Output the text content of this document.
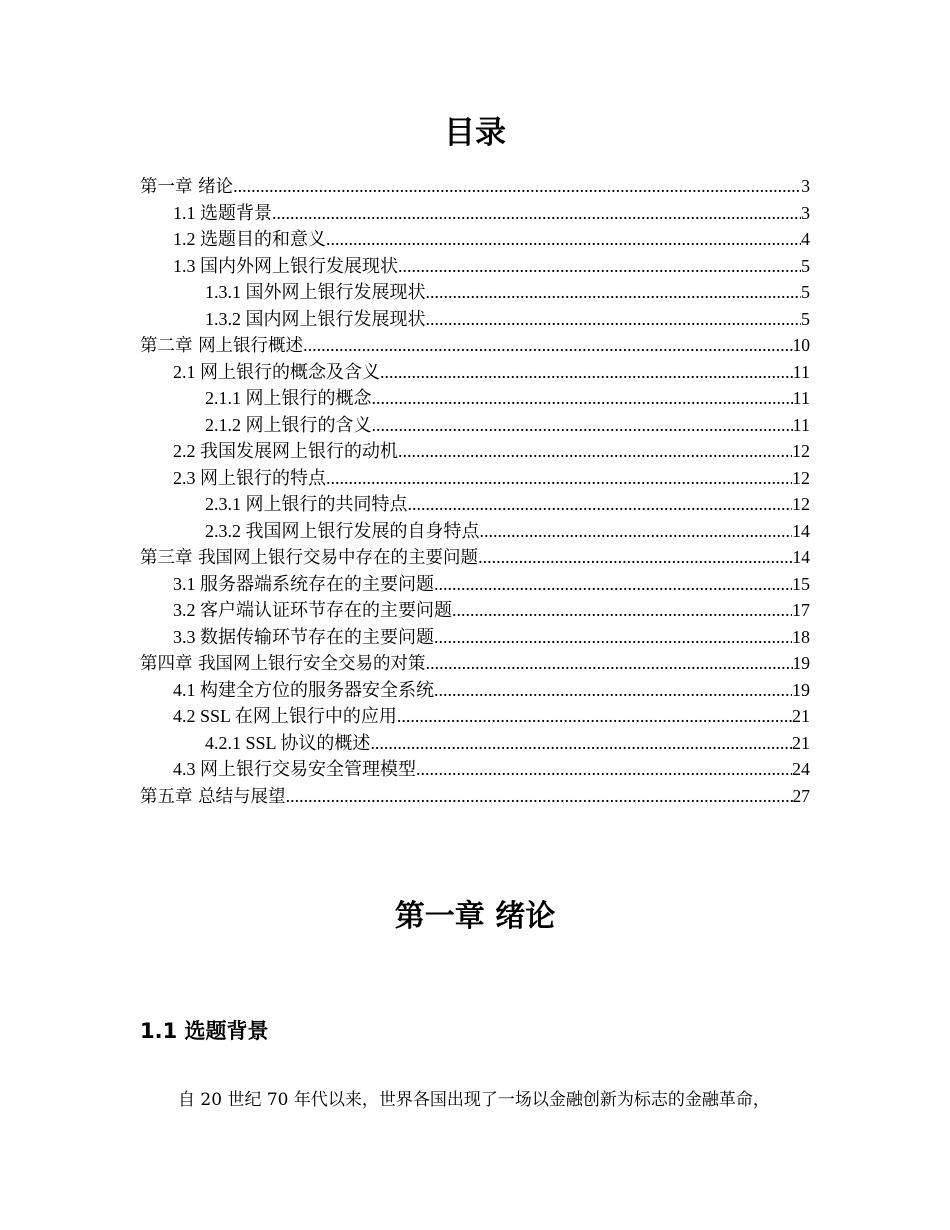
目录
第一章 绪论 .....	3
1.1 选题背景 .....	3
1.2 选题目的和意义 .....	4
1.3 国内外网上银行发展现状 .....	5
1.3.1 国外网上银行发展现状 .....	5
1.3.2 国内网上银行发展现状 .....	5
第二章 网上银行概述 .....	10
2.1 网上银行的概念及含义 .....	11
2.1.1 网上银行的概念 .....	11
2.1.2 网上银行的含义 .....	11
2.2 我国发展网上银行的动机 .....	12
2.3 网上银行的特点 .....	12
2.3.1 网上银行的共同特点 .....	12
2.3.2 我国网上银行发展的自身特点 .....	14
第三章 我国网上银行交易中存在的主要问题 .....	14
3.1 服务器端系统存在的主要问题 .....	15
3.2 客户端认证环节存在的主要问题 .....	17
3.3 数据传输环节存在的主要问题 .....	18
第四章 我国网上银行安全交易的对策 .....	19
4.1 构建全方位的服务器安全系统 .....	19
4.2 SSL 在网上银行中的应用 .....	21
4.2.1 SSL 协议的概述 .....	21
4.3 网上银行交易安全管理模型 .....	24
第五章 总结与展望 .....	27
第一章 绪论
1.1 选题背景
自 20 世纪 70 年代以来，世界各国出现了一场以金融创新为标志的金融革命，
